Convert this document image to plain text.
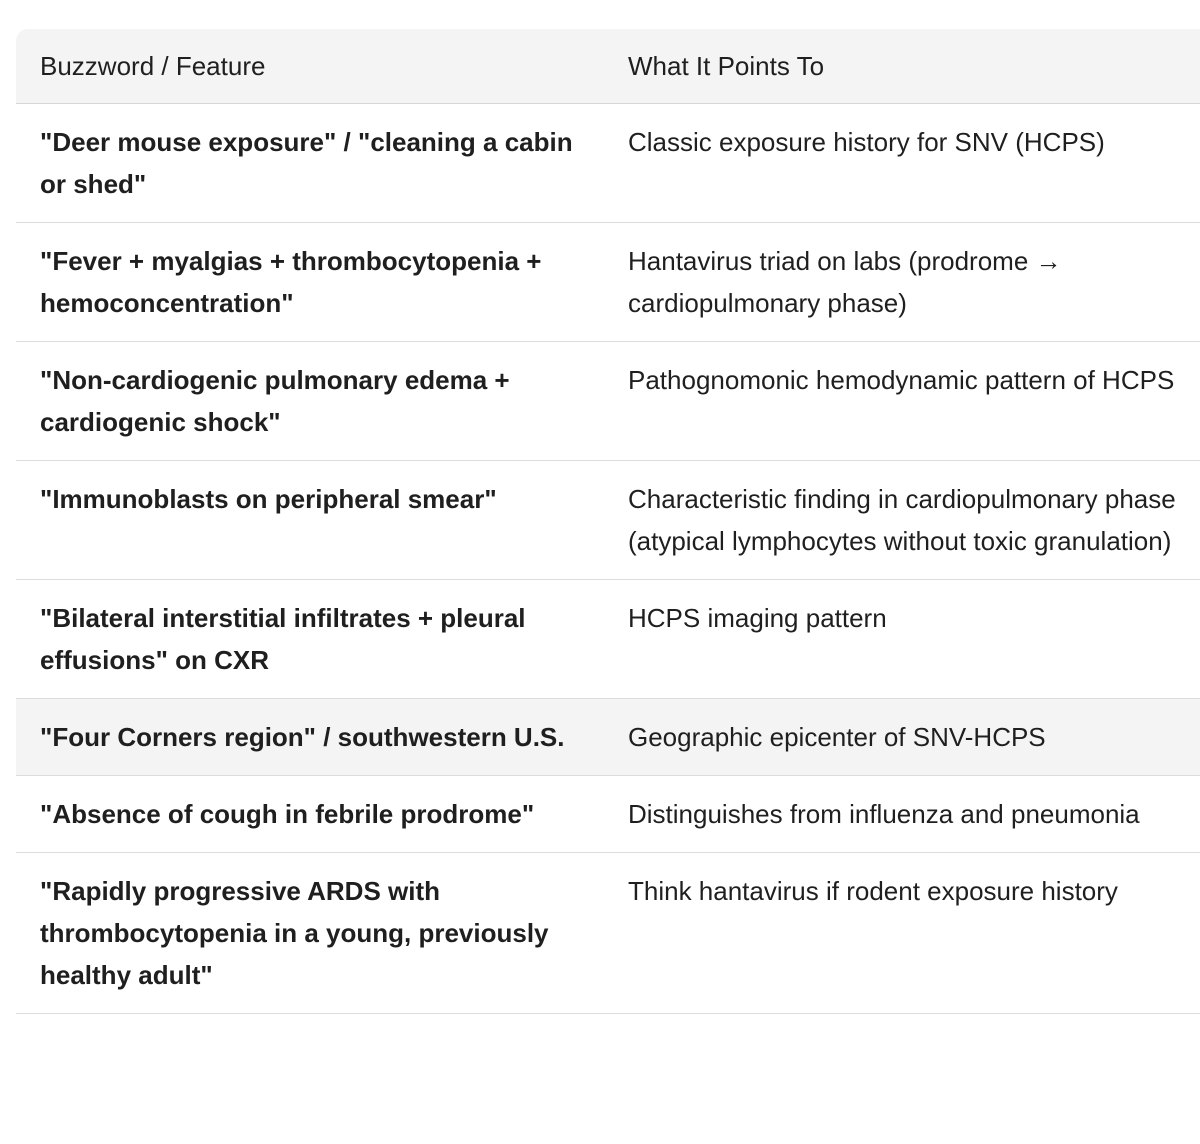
Buzzword / Feature	What It Points To
"Deer mouse exposure" / "cleaning a cabin or shed"	Classic exposure history for SNV (HCPS)
"Fever + myalgias + thrombocytopenia + hemoconcentration"	Hantavirus triad on labs (prodrome → cardiopulmonary phase)
"Non-cardiogenic pulmonary edema + cardiogenic shock"	Pathognomonic hemodynamic pattern of HCPS
"Immunoblasts on peripheral smear"	Characteristic finding in cardiopulmonary phase (atypical lymphocytes without toxic granulation)
"Bilateral interstitial infiltrates + pleural effusions" on CXR	HCPS imaging pattern
"Four Corners region" / southwestern U.S.	Geographic epicenter of SNV-HCPS
"Absence of cough in febrile prodrome"	Distinguishes from influenza and pneumonia
"Rapidly progressive ARDS with thrombocytopenia in a young, previously healthy adult"	Think hantavirus if rodent exposure history
